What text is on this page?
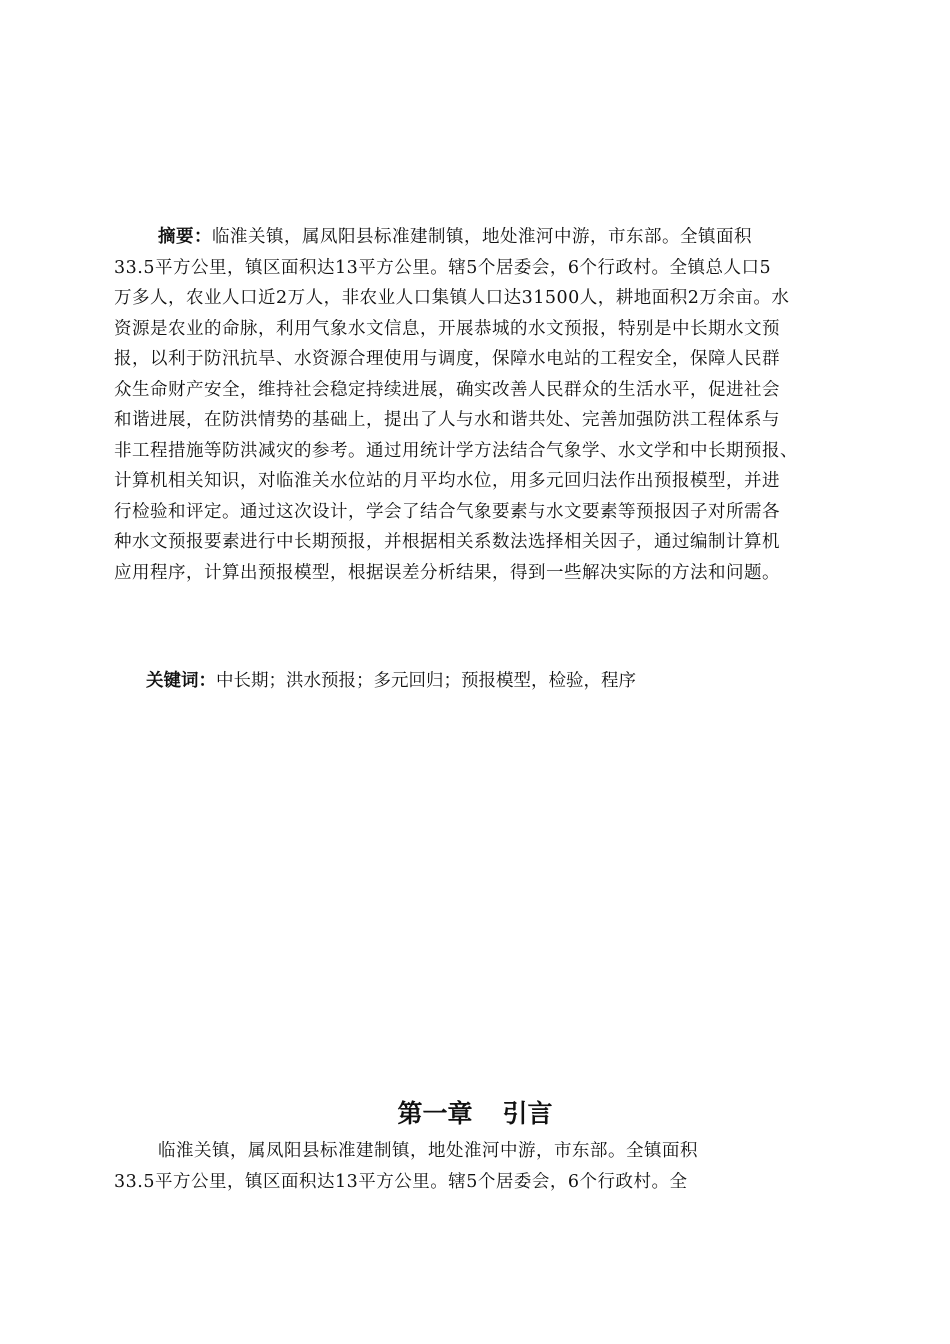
摘要：临淮关镇，属凤阳县标准建制镇，地处淮河中游，市东部。全镇面积
33.5平方公里，镇区面积达13平方公里。辖5个居委会，6个行政村。全镇总人口5
万多人，农业人口近2万人，非农业人口集镇人口达31500人，耕地面积2万余亩。水
资源是农业的命脉，利用气象水文信息，开展恭城的水文预报，特别是中长期水文预
报，以利于防汛抗旱、水资源合理使用与调度，保障水电站的工程安全，保障人民群
众生命财产安全，维持社会稳定持续进展，确实改善人民群众的生活水平，促进社会
和谐进展，在防洪情势的基础上，提出了人与水和谐共处、完善加强防洪工程体系与
非工程措施等防洪减灾的参考。通过用统计学方法结合气象学、水文学和中长期预报、
计算机相关知识，对临淮关水位站的月平均水位，用多元回归法作出预报模型，并进
行检验和评定。通过这次设计，学会了结合气象要素与水文要素等预报因子对所需各
种水文预报要素进行中长期预报，并根据相关系数法选择相关因子，通过编制计算机
应用程序，计算出预报模型，根据误差分析结果，得到一些解决实际的方法和问题。
关键词：中长期；洪水预报；多元回归；预报模型，检验，程序
第一章 引言
临淮关镇，属凤阳县标准建制镇，地处淮河中游，市东部。全镇面积
33.5平方公里，镇区面积达13平方公里。辖5个居委会，6个行政村。全
